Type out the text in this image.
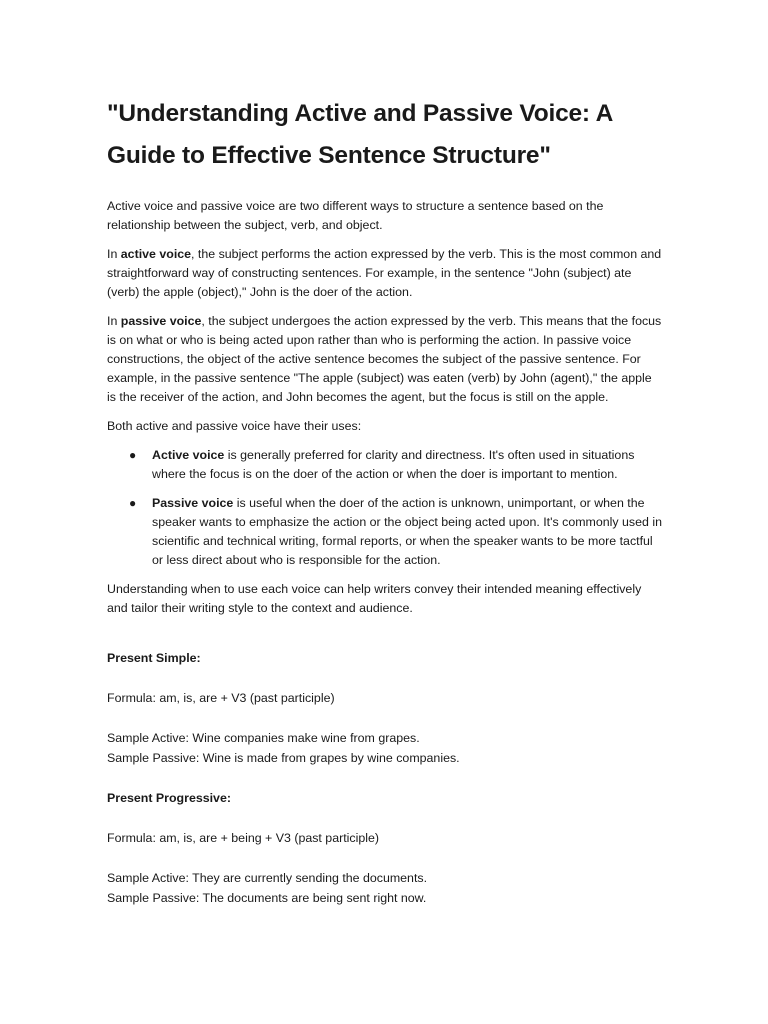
"Understanding Active and Passive Voice: A Guide to Effective Sentence Structure"

Active voice and passive voice are two different ways to structure a sentence based on the relationship between the subject, verb, and object.

In active voice, the subject performs the action expressed by the verb. This is the most common and straightforward way of constructing sentences. For example, in the sentence "John (subject) ate (verb) the apple (object)," John is the doer of the action.

In passive voice, the subject undergoes the action expressed by the verb. This means that the focus is on what or who is being acted upon rather than who is performing the action. In passive voice constructions, the object of the active sentence becomes the subject of the passive sentence. For example, in the passive sentence "The apple (subject) was eaten (verb) by John (agent)," the apple is the receiver of the action, and John becomes the agent, but the focus is still on the apple.

Both active and passive voice have their uses:

● Active voice is generally preferred for clarity and directness. It's often used in situations where the focus is on the doer of the action or when the doer is important to mention.
● Passive voice is useful when the doer of the action is unknown, unimportant, or when the speaker wants to emphasize the action or the object being acted upon. It's commonly used in scientific and technical writing, formal reports, or when the speaker wants to be more tactful or less direct about who is responsible for the action.

Understanding when to use each voice can help writers convey their intended meaning effectively and tailor their writing style to the context and audience.

Present Simple:

Formula: am, is, are + V3 (past participle)

Sample Active: Wine companies make wine from grapes.

Sample Passive: Wine is made from grapes by wine companies.

Present Progressive:

Formula: am, is, are + being + V3 (past participle)

Sample Active: They are currently sending the documents.

Sample Passive: The documents are being sent right now.
